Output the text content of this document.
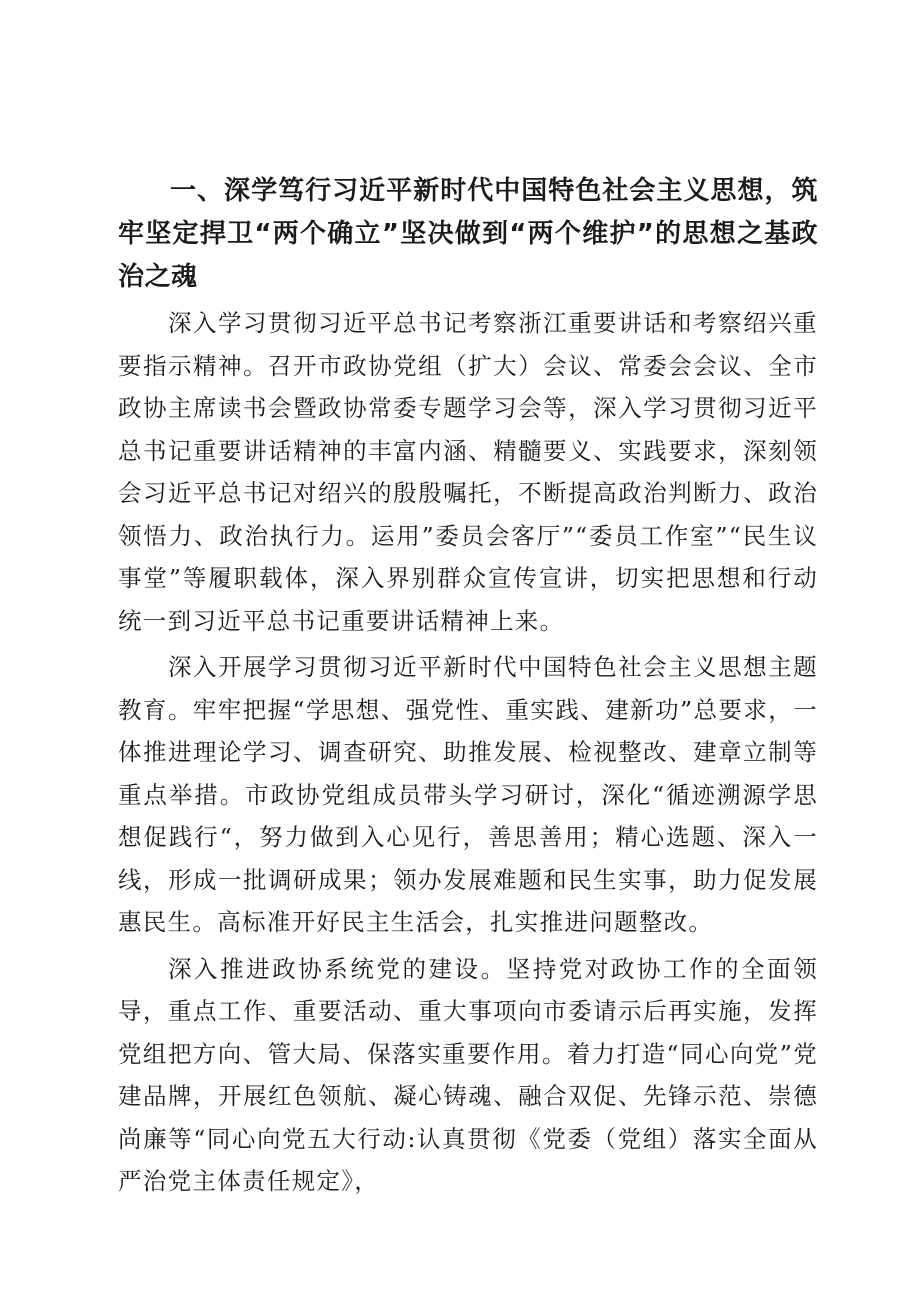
一、深学笃行习近平新时代中国特色社会主义思想，筑牢坚定捍卫“两个确立”坚决做到“两个维护”的思想之基政治之魂

深入学习贯彻习近平总书记考察浙江重要讲话和考察绍兴重要指示精神。召开市政协党组（扩大）会议、常委会会议、全市政协主席读书会暨政协常委专题学习会等，深入学习贯彻习近平总书记重要讲话精神的丰富内涵、精髓要义、实践要求，深刻领会习近平总书记对绍兴的殷殷嘱托，不断提高政治判断力、政治领悟力、政治执行力。运用”委员会客厅”“委员工作室”“民生议事堂”等履职载体，深入界别群众宣传宣讲，切实把思想和行动统一到习近平总书记重要讲话精神上来。

深入开展学习贯彻习近平新时代中国特色社会主义思想主题教育。牢牢把握“学思想、强党性、重实践、建新功”总要求，一体推进理论学习、调查研究、助推发展、检视整改、建章立制等重点举措。市政协党组成员带头学习研讨，深化“循迹溯源学思想促践行“，努力做到入心见行，善思善用；精心选题、深入一线，形成一批调研成果；领办发展难题和民生实事，助力促发展惠民生。高标准开好民主生活会，扎实推进问题整改。

深入推进政协系统党的建设。坚持党对政协工作的全面领导，重点工作、重要活动、重大事项向市委请示后再实施，发挥党组把方向、管大局、保落实重要作用。着力打造“同心向党”党建品牌，开展红色领航、凝心铸魂、融合双促、先锋示范、崇德尚廉等“同心向党五大行动:认真贯彻《党委（党组）落实全面从严治党主体责任规定》，
